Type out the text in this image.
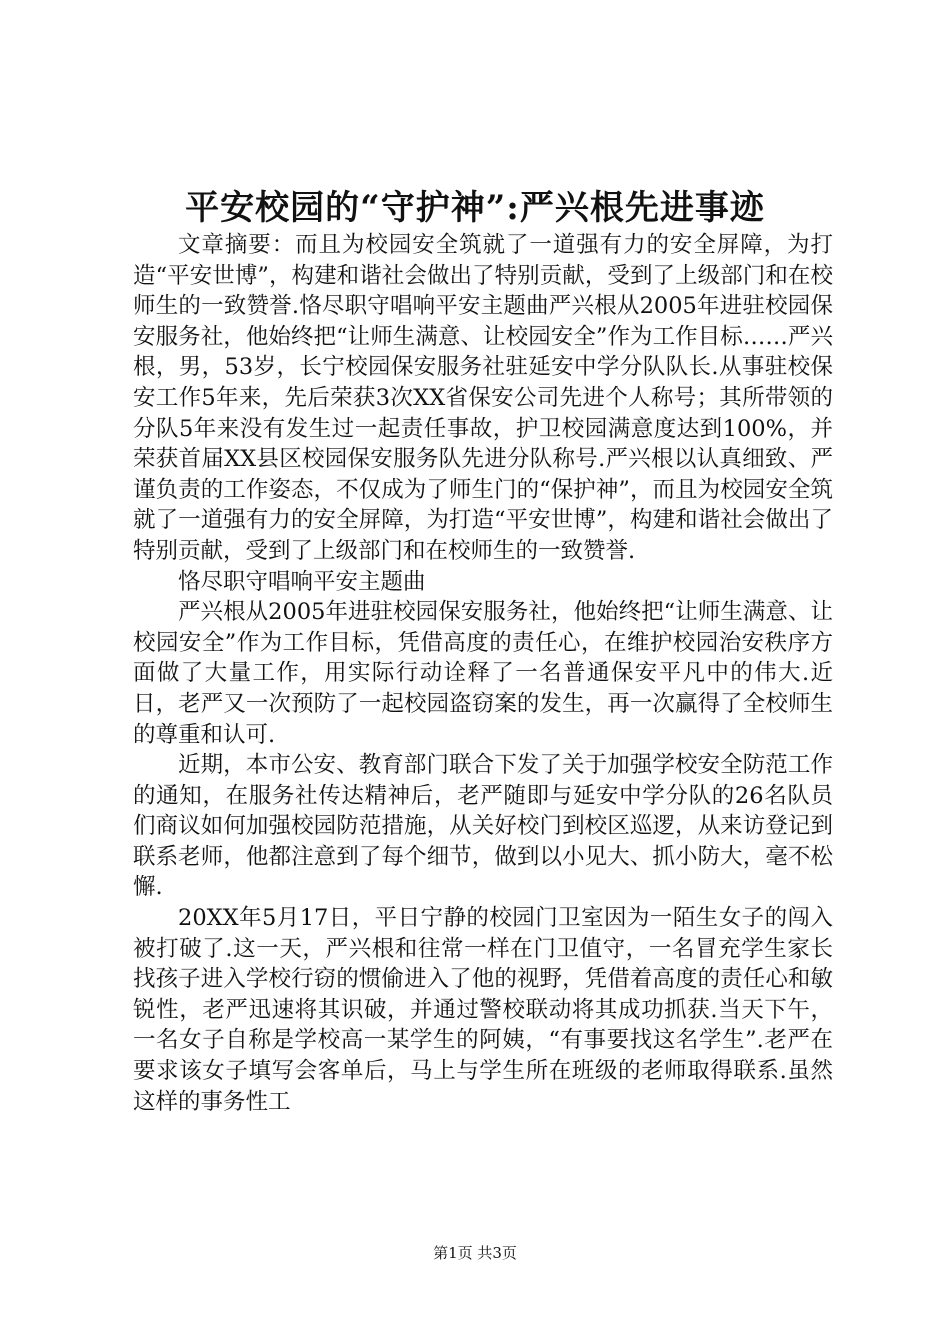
平安校园的“守护神”:严兴根先进事迹

文章摘要：而且为校园安全筑就了一道强有力的安全屏障，为打造“平安世博”，构建和谐社会做出了特别贡献，受到了上级部门和在校师生的一致赞誉.恪尽职守唱响平安主题曲严兴根从2005年进驻校园保安服务社，他始终把“让师生满意、让校园安全”作为工作目标……严兴根，男，53岁，长宁校园保安服务社驻延安中学分队队长.从事驻校保安工作5年来，先后荣获3次XX省保安公司先进个人称号；其所带领的分队5年来没有发生过一起责任事故，护卫校园满意度达到100%，并荣获首届XX县区校园保安服务队先进分队称号.严兴根以认真细致、严谨负责的工作姿态，不仅成为了师生门的“保护神”，而且为校园安全筑就了一道强有力的安全屏障，为打造“平安世博”，构建和谐社会做出了特别贡献，受到了上级部门和在校师生的一致赞誉.

恪尽职守唱响平安主题曲

严兴根从2005年进驻校园保安服务社，他始终把“让师生满意、让校园安全”作为工作目标，凭借高度的责任心，在维护校园治安秩序方面做了大量工作，用实际行动诠释了一名普通保安平凡中的伟大.近日，老严又一次预防了一起校园盗窃案的发生，再一次赢得了全校师生的尊重和认可.

近期，本市公安、教育部门联合下发了关于加强学校安全防范工作的通知，在服务社传达精神后，老严随即与延安中学分队的26名队员们商议如何加强校园防范措施，从关好校门到校区巡逻，从来访登记到联系老师，他都注意到了每个细节，做到以小见大、抓小防大，毫不松懈.

20XX年5月17日，平日宁静的校园门卫室因为一陌生女子的闯入被打破了.这一天，严兴根和往常一样在门卫值守，一名冒充学生家长找孩子进入学校行窃的惯偷进入了他的视野，凭借着高度的责任心和敏锐性，老严迅速将其识破，并通过警校联动将其成功抓获.当天下午，一名女子自称是学校高一某学生的阿姨，“有事要找这名学生”.老严在要求该女子填写会客单后，马上与学生所在班级的老师取得联系.虽然这样的事务性工

第1页 共3页
